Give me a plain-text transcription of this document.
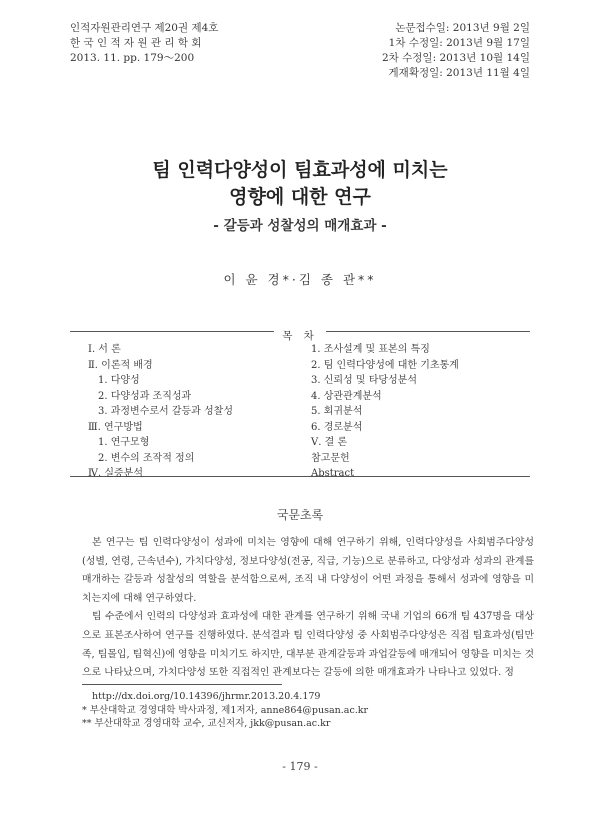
인적자원관리연구 제20권 제4호
한 국 인 적 자 원 관 리 학 회
2013. 11. pp. 179～200
논문접수일: 2013년 9월 2일
1차 수정일: 2013년 9월 17일
2차 수정일: 2013년 10월 14일
게재확정일: 2013년 11월 4일
팀 인력다양성이 팀효과성에 미치는
영향에 대한 연구
- 갈등과 성찰성의 매개효과 -
이 윤 경*·김 종 관**
목 차
Ⅰ. 서 론
Ⅱ. 이론적 배경
1. 다양성
2. 다양성과 조직성과
3. 과정변수로서 갈등과 성찰성
Ⅲ. 연구방법
1. 연구모형
2. 변수의 조작적 정의
Ⅳ. 실증분석
1. 조사설계 및 표본의 특징
2. 팀 인력다양성에 대한 기초통계
3. 신뢰성 및 타당성분석
4. 상관관계분석
5. 회귀분석
6. 경로분석
Ⅴ. 결 론
참고문헌
Abstract
국문초록

본 연구는 팀 인력다양성이 성과에 미치는 영향에 대해 연구하기 위해, 인력다양성을 사회범주다양성(성별, 연령, 근속년수), 가치다양성, 정보다양성(전공, 직급, 기능)으로 분류하고, 다양성과 성과의 관계를 매개하는 갈등과 성찰성의 역할을 분석함으로써, 조직 내 다양성이 어떤 과정을 통해서 성과에 영향을 미치는지에 대해 연구하였다.

팀 수준에서 인력의 다양성과 효과성에 대한 관계를 연구하기 위해 국내 기업의 66개 팀 437명을 대상으로 표본조사하여 연구를 진행하였다. 분석결과 팀 인력다양성 중 사회범주다양성은 직접 팀효과성(팀만족, 팀몰입, 팀혁신)에 영향을 미치기도 하지만, 대부분 관계갈등과 과업갈등에 매개되어 영향을 미치는 것으로 나타났으며, 가치다양성 또한 직접적인 관계보다는 갈등에 의한 매개효과가 나타나고 있었다. 정

http://dx.doi.org/10.14396/jhrmr.2013.20.4.179
* 부산대학교 경영대학 박사과정, 제1저자, anne864@pusan.ac.kr
** 부산대학교 경영대학 교수, 교신저자, jkk@pusan.ac.kr
- 179 -
